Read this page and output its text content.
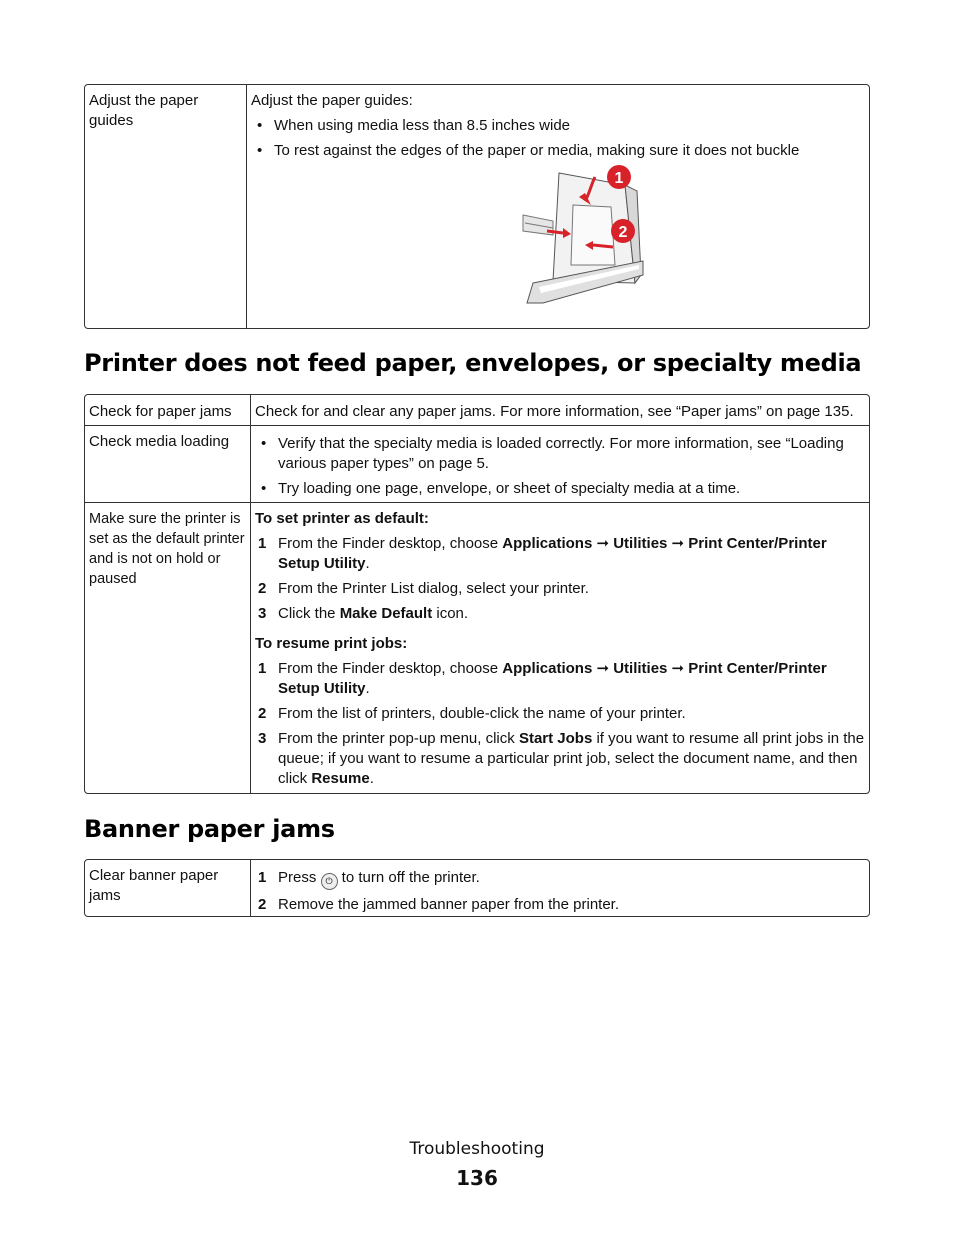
Adjust the paper guides
Adjust the paper guides:
• When using media less than 8.5 inches wide
• To rest against the edges of the paper or media, making sure it does not buckle
1
2
Printer does not feed paper, envelopes, or specialty media
Check for paper jams	Check for and clear any paper jams. For more information, see “Paper jams” on page 135.
Check media loading	• Verify that the specialty media is loaded correctly. For more information, see “Loading various paper types” on page 5.
• Try loading one page, envelope, or sheet of specialty media at a time.
Make sure the printer is set as the default printer and is not on hold or paused
To set printer as default:
1 From the Finder desktop, choose Applications ➞ Utilities ➞ Print Center/Printer Setup Utility.
2 From the Printer List dialog, select your printer.
3 Click the Make Default icon.
To resume print jobs:
1 From the Finder desktop, choose Applications ➞ Utilities ➞ Print Center/Printer Setup Utility.
2 From the list of printers, double-click the name of your printer.
3 From the printer pop-up menu, click Start Jobs if you want to resume all print jobs in the queue; if you want to resume a particular print job, select the document name, and then click Resume.
Banner paper jams
Clear banner paper jams
1 Press ⏻ to turn off the printer.
2 Remove the jammed banner paper from the printer.
Troubleshooting
136
